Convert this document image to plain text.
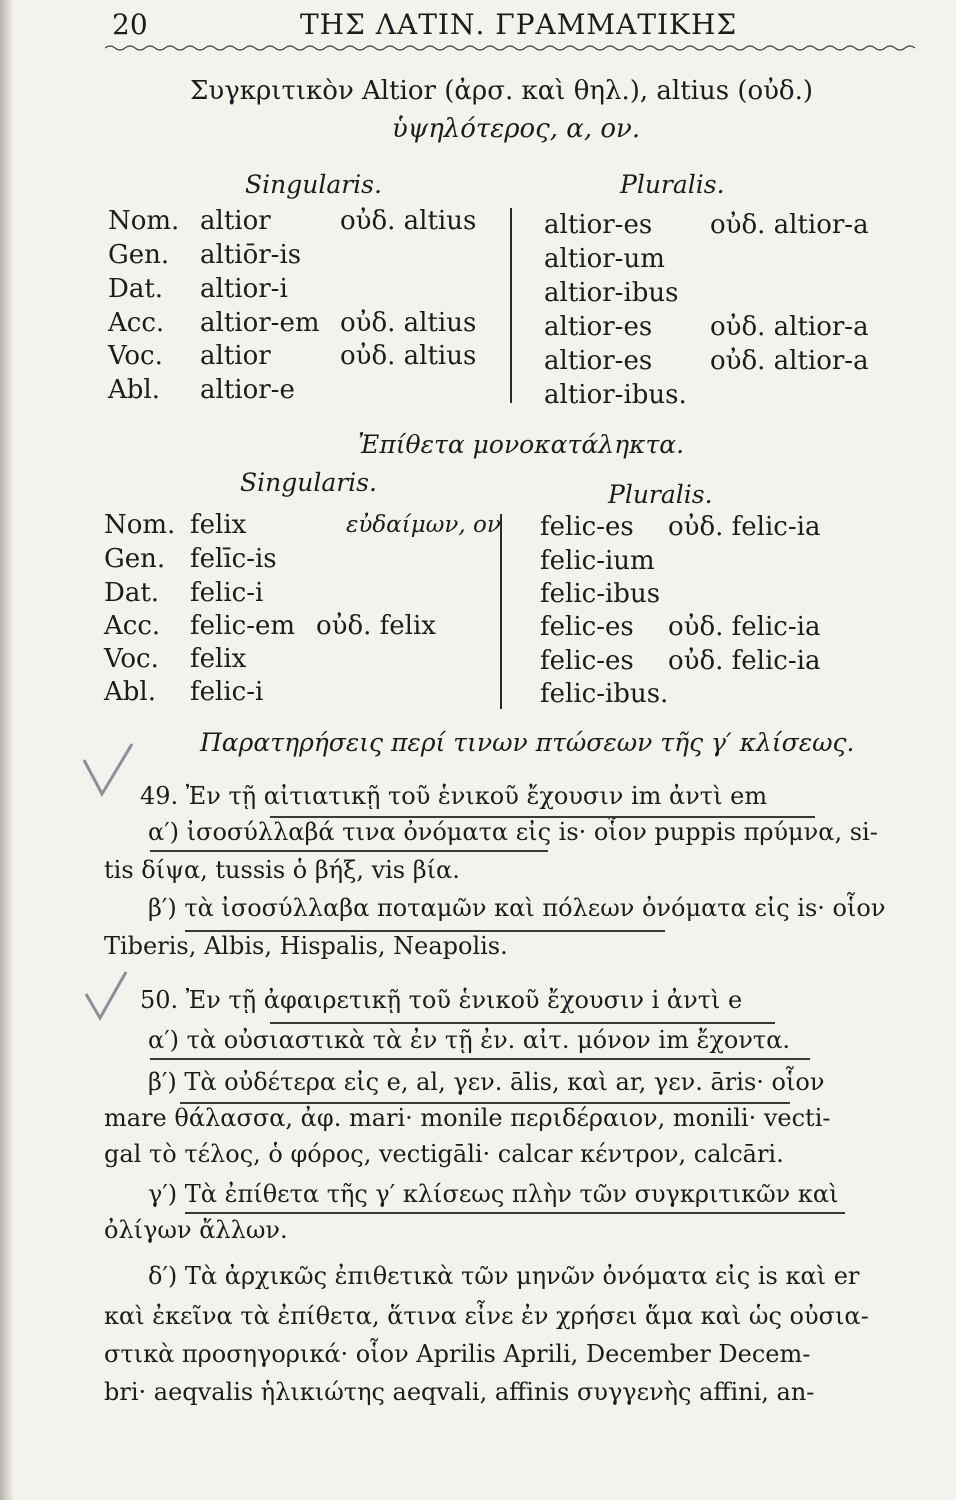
20	ΤΗΣ ΛΑΤΙΝ. ΓΡΑΜΜΑΤΙΚΗΣ
Συγκριτικὸν Altior (ἀρσ. καὶ θηλ.), altius (οὐδ.)
ὑψηλότερος, α, ον.
Singularis.	Pluralis.
Nom. altior	οὐδ. altius	altior-es οὐδ. altior-a
Gen. altiōr-is	altior-um
Dat. altior-i	altior-ibus
Acc. altior-em οὐδ. altius	altior-es οὐδ. altior-a
Voc. altior	οὐδ. altius	altior-es οὐδ. altior-a
Abl. altior-e	altior-ibus.
Ἐπίθετα μονοκατάληκτα.
Singularis.	Pluralis.
Nom. felix	εὐδαίμων, ον felic-es οὐδ. felic-ia
Gen. felīc-is	felic-ium
Dat. felic-i	felic-ibus
Acc. felic-em οὐδ. felix	felic-es οὐδ. felic-ia
Voc. felix	felic-es οὐδ. felic-ia
Abl. felic-i	felic-ibus.
Παρατηρήσεις περί τινων πτώσεων τῆς γ′ κλίσεως.
49. Ἐν τῇ αἰτιατικῇ τοῦ ἑνικοῦ ἔχουσιν im ἀντὶ em
α′) ἰσοσύλλαβά τινα ὀνόματα εἰς is· οἷον puppis πρύμνα, si-
tis δίψα, tussis ὁ βήξ, vis βία.
β′) τὰ ἰσοσύλλαβα ποταμῶν καὶ πόλεων ὀνόματα εἰς is· οἷον
Tiberis, Albis, Hispalis, Neapolis.
50. Ἐν τῇ ἀφαιρετικῇ τοῦ ἑνικοῦ ἔχουσιν i ἀντὶ e
α′) τὰ οὐσιαστικὰ τὰ ἐν τῇ ἐν. αἰτ. μόνον im ἔχοντα.
β′) Τὰ οὐδέτερα εἰς e, al, γεν. ālis, καὶ ar, γεν. āris· οἷον
mare θάλασσα, ἀφ. mari· monile περιδέραιον, monili· vecti-
gal τὸ τέλος, ὁ φόρος, vectigāli· calcar κέντρον, calcāri.
γ′) Τὰ ἐπίθετα τῆς γ′ κλίσεως πλὴν τῶν συγκριτικῶν καὶ
ὀλίγων ἄλλων.
δ′) Τὰ ἀρχικῶς ἐπιθετικὰ τῶν μηνῶν ὀνόματα εἰς is καὶ er
καὶ ἐκεῖνα τὰ ἐπίθετα, ἅτινα εἶνε ἐν χρήσει ἅμα καὶ ὡς οὐσια-
στικὰ προσηγορικά· οἷον Aprilis Aprili, December Decem-
bri· aeqvalis ἡλικιώτης aeqvali, affinis συγγενὴς affini, an-
